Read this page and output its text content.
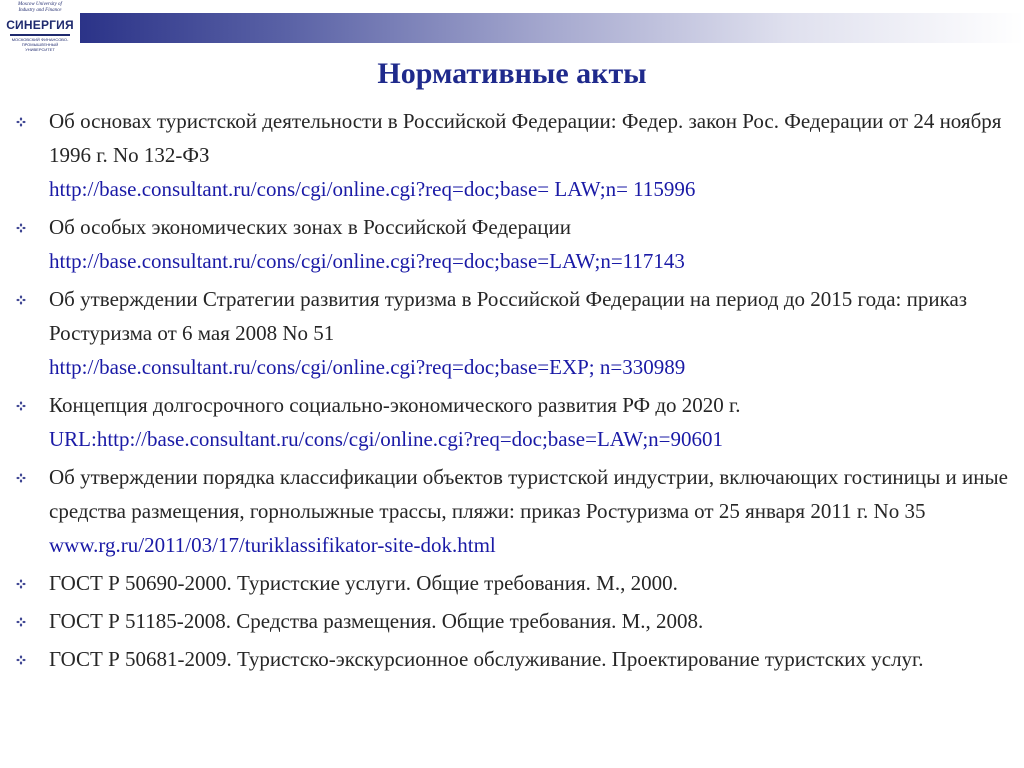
Moscow University of Industry and Finance
СИНЕРГИЯ
МОСКОВСКИЙ ФИНАНСОВО-ПРОМЫШЛЕННЫЙ УНИВЕРСИТЕТ
Нормативные акты
Об основах туристской деятельности в Российской Федерации: Федер. закон Рос. Федерации от 24 ноября 1996 г. No 132-ФЗ
http://base.consultant.ru/cons/cgi/online.cgi?req=doc;base= LAW;n= 115996
Об особых экономических зонах в Российской Федерации
http://base.consultant.ru/cons/cgi/online.cgi?req=doc;base=LAW;n=117143
Об утверждении Стратегии развития туризма в Российской Федерации на период до 2015 года: приказ Ростуризма от 6 мая 2008 No 51
http://base.consultant.ru/cons/cgi/online.cgi?req=doc;base=EXP; n=330989
Концепция долгосрочного социально-экономического развития РФ до 2020 г.
URL:http://base.consultant.ru/cons/cgi/online.cgi?req=doc;base=LAW;n=90601
Об утверждении порядка классификации объектов туристской индустрии, включающих гостиницы и иные средства размещения, горнолыжные трассы, пляжи: приказ Ростуризма от 25 января 2011 г. No 35
www.rg.ru/2011/03/17/turiklassifikator-site-dok.html
ГОСТ Р 50690-2000. Туристские услуги. Общие требования. М., 2000.
ГОСТ Р 51185-2008. Средства размещения. Общие требования. М., 2008.
ГОСТ Р 50681-2009. Туристско-экскурсионное обслуживание. Проектирование туристских услуг.
